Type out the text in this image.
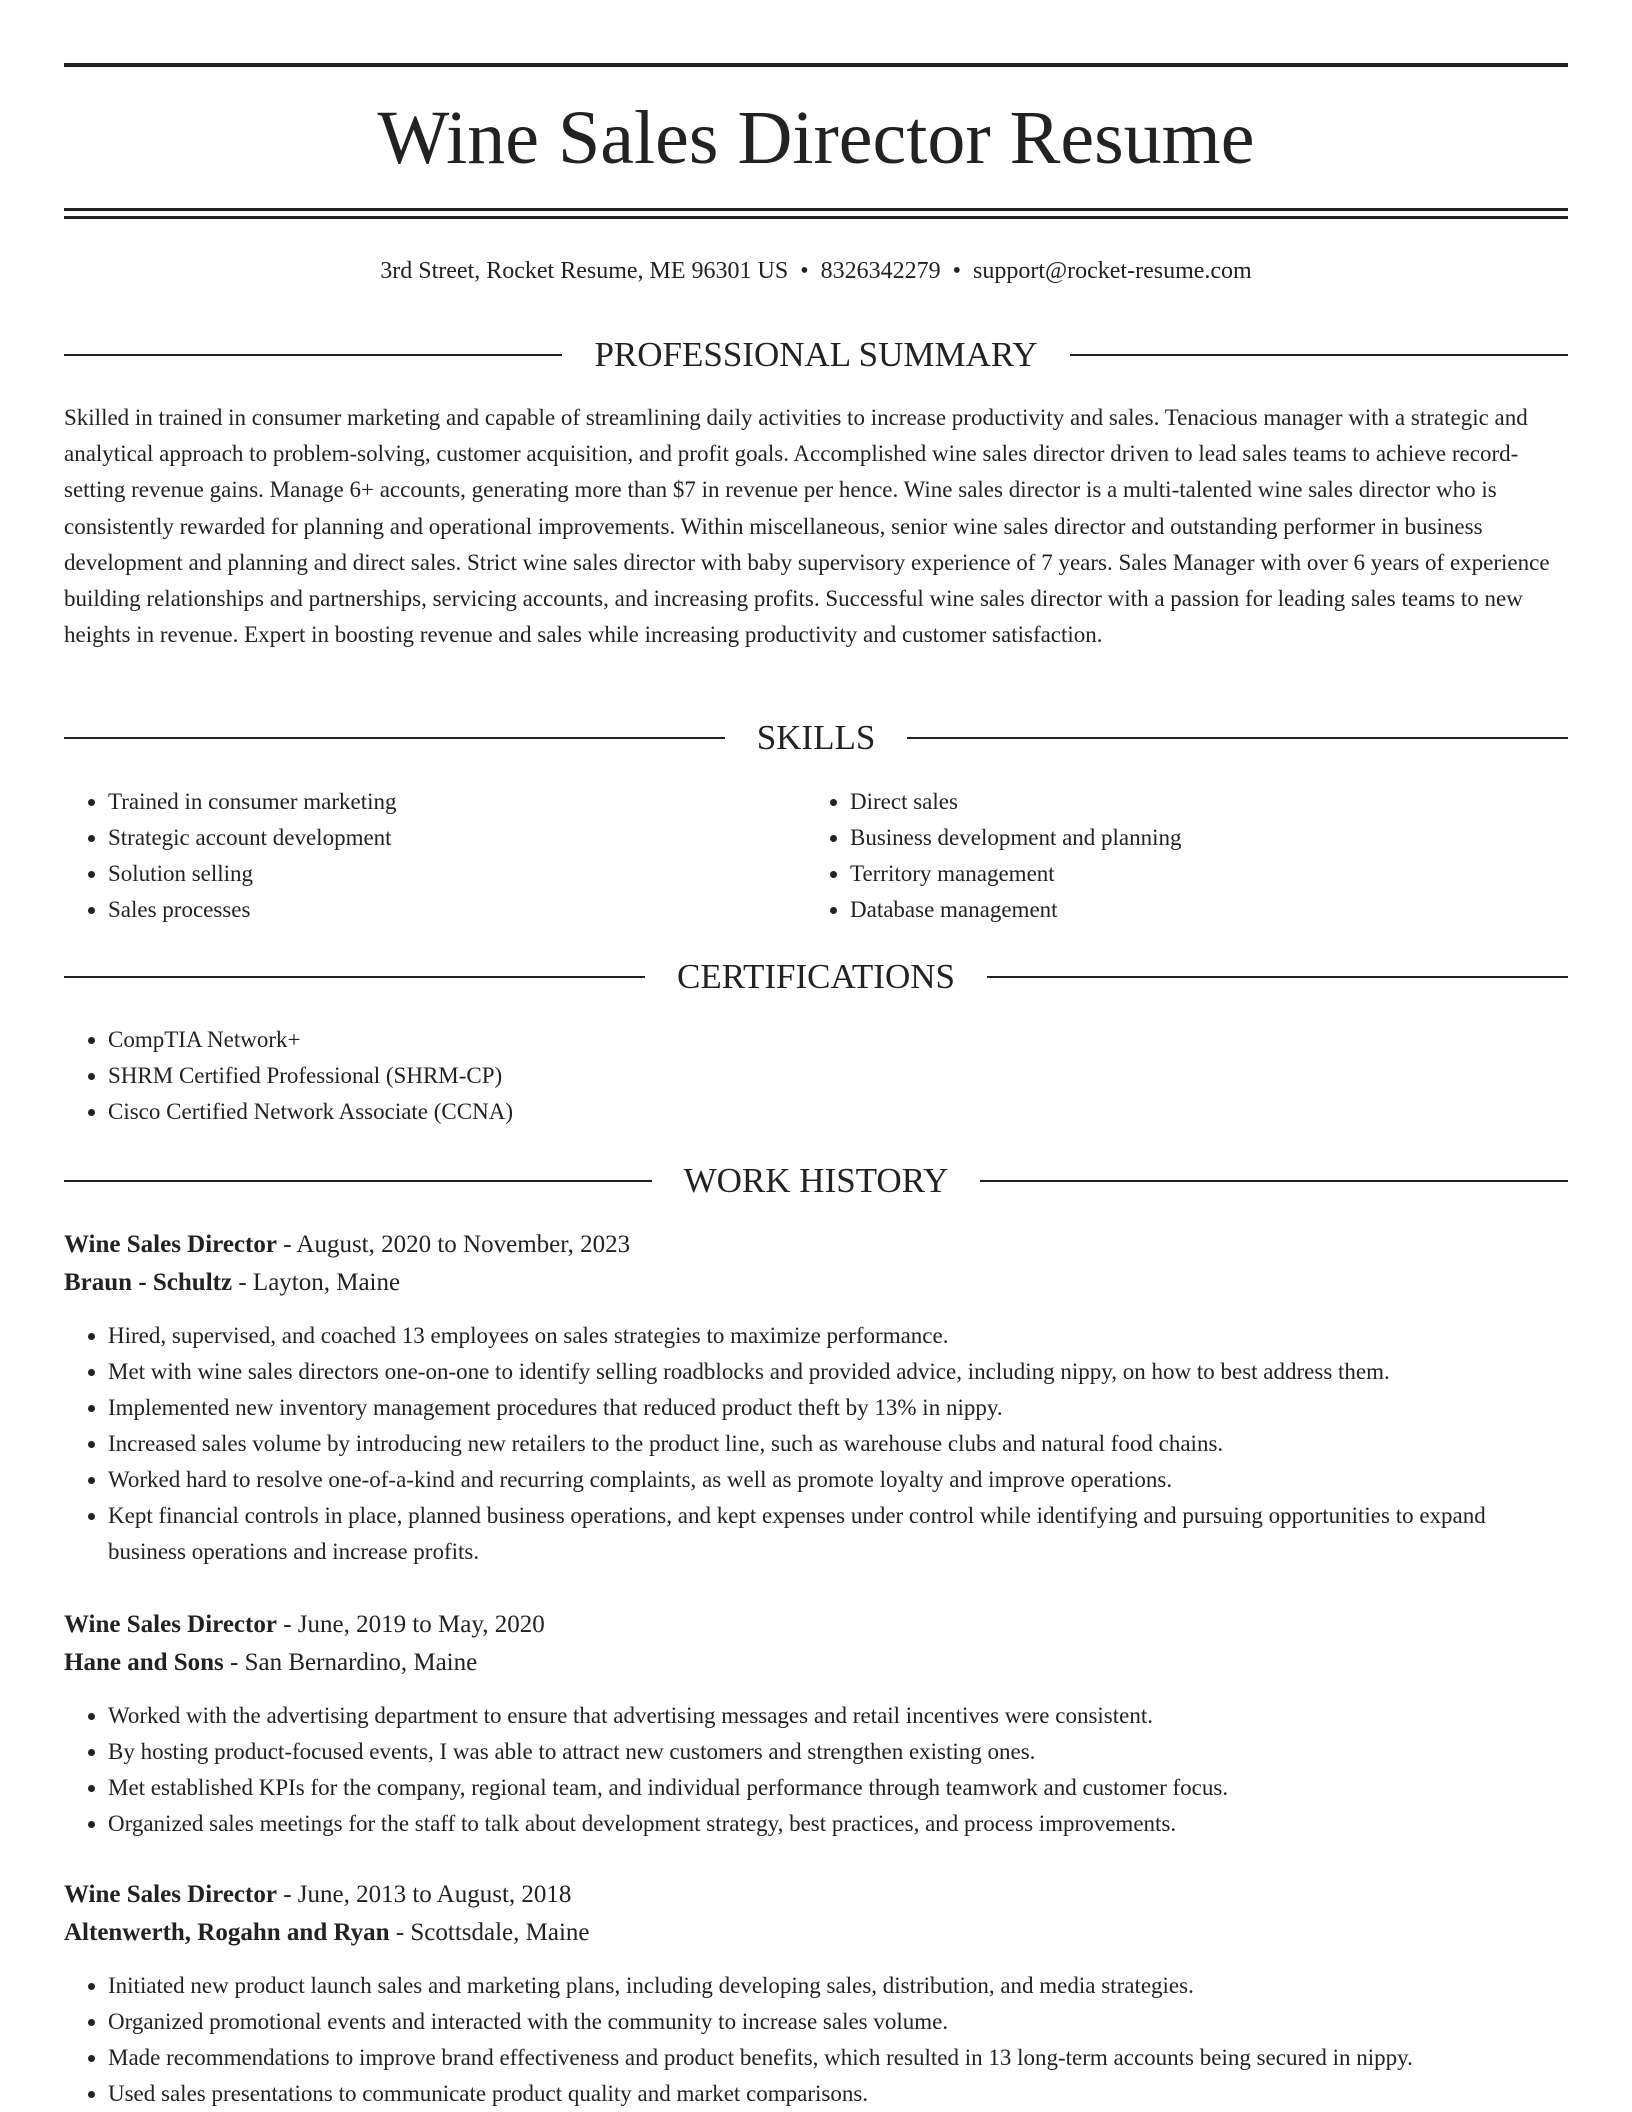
Wine Sales Director Resume
3rd Street, Rocket Resume, ME 96301 US • 8326342279 • support@rocket-resume.com
PROFESSIONAL SUMMARY

Skilled in trained in consumer marketing and capable of streamlining daily activities to increase productivity and sales. Tenacious manager with a strategic and analytical approach to problem-solving, customer acquisition, and profit goals. Accomplished wine sales director driven to lead sales teams to achieve record-setting revenue gains. Manage 6+ accounts, generating more than $7 in revenue per hence. Wine sales director is a multi-talented wine sales director who is consistently rewarded for planning and operational improvements. Within miscellaneous, senior wine sales director and outstanding performer in business development and planning and direct sales. Strict wine sales director with baby supervisory experience of 7 years. Sales Manager with over 6 years of experience building relationships and partnerships, servicing accounts, and increasing profits. Successful wine sales director with a passion for leading sales teams to new heights in revenue. Expert in boosting revenue and sales while increasing productivity and customer satisfaction.

SKILLS
• Trained in consumer marketing
• Strategic account development
• Solution selling
• Sales processes
• Direct sales
• Business development and planning
• Territory management
• Database management
CERTIFICATIONS
• CompTIA Network+
• SHRM Certified Professional (SHRM-CP)
• Cisco Certified Network Associate (CCNA)
WORK HISTORY
Wine Sales Director - August, 2020 to November, 2023
Braun - Schultz - Layton, Maine
• Hired, supervised, and coached 13 employees on sales strategies to maximize performance.
• Met with wine sales directors one-on-one to identify selling roadblocks and provided advice, including nippy, on how to best address them.
• Implemented new inventory management procedures that reduced product theft by 13% in nippy.
• Increased sales volume by introducing new retailers to the product line, such as warehouse clubs and natural food chains.
• Worked hard to resolve one-of-a-kind and recurring complaints, as well as promote loyalty and improve operations.
• Kept financial controls in place, planned business operations, and kept expenses under control while identifying and pursuing opportunities to expand business operations and increase profits.
Wine Sales Director - June, 2019 to May, 2020
Hane and Sons - San Bernardino, Maine
• Worked with the advertising department to ensure that advertising messages and retail incentives were consistent.
• By hosting product-focused events, I was able to attract new customers and strengthen existing ones.
• Met established KPIs for the company, regional team, and individual performance through teamwork and customer focus.
• Organized sales meetings for the staff to talk about development strategy, best practices, and process improvements.
Wine Sales Director - June, 2013 to August, 2018
Altenwerth, Rogahn and Ryan - Scottsdale, Maine
• Initiated new product launch sales and marketing plans, including developing sales, distribution, and media strategies.
• Organized promotional events and interacted with the community to increase sales volume.
• Made recommendations to improve brand effectiveness and product benefits, which resulted in 13 long-term accounts being secured in nippy.
• Used sales presentations to communicate product quality and market comparisons.
